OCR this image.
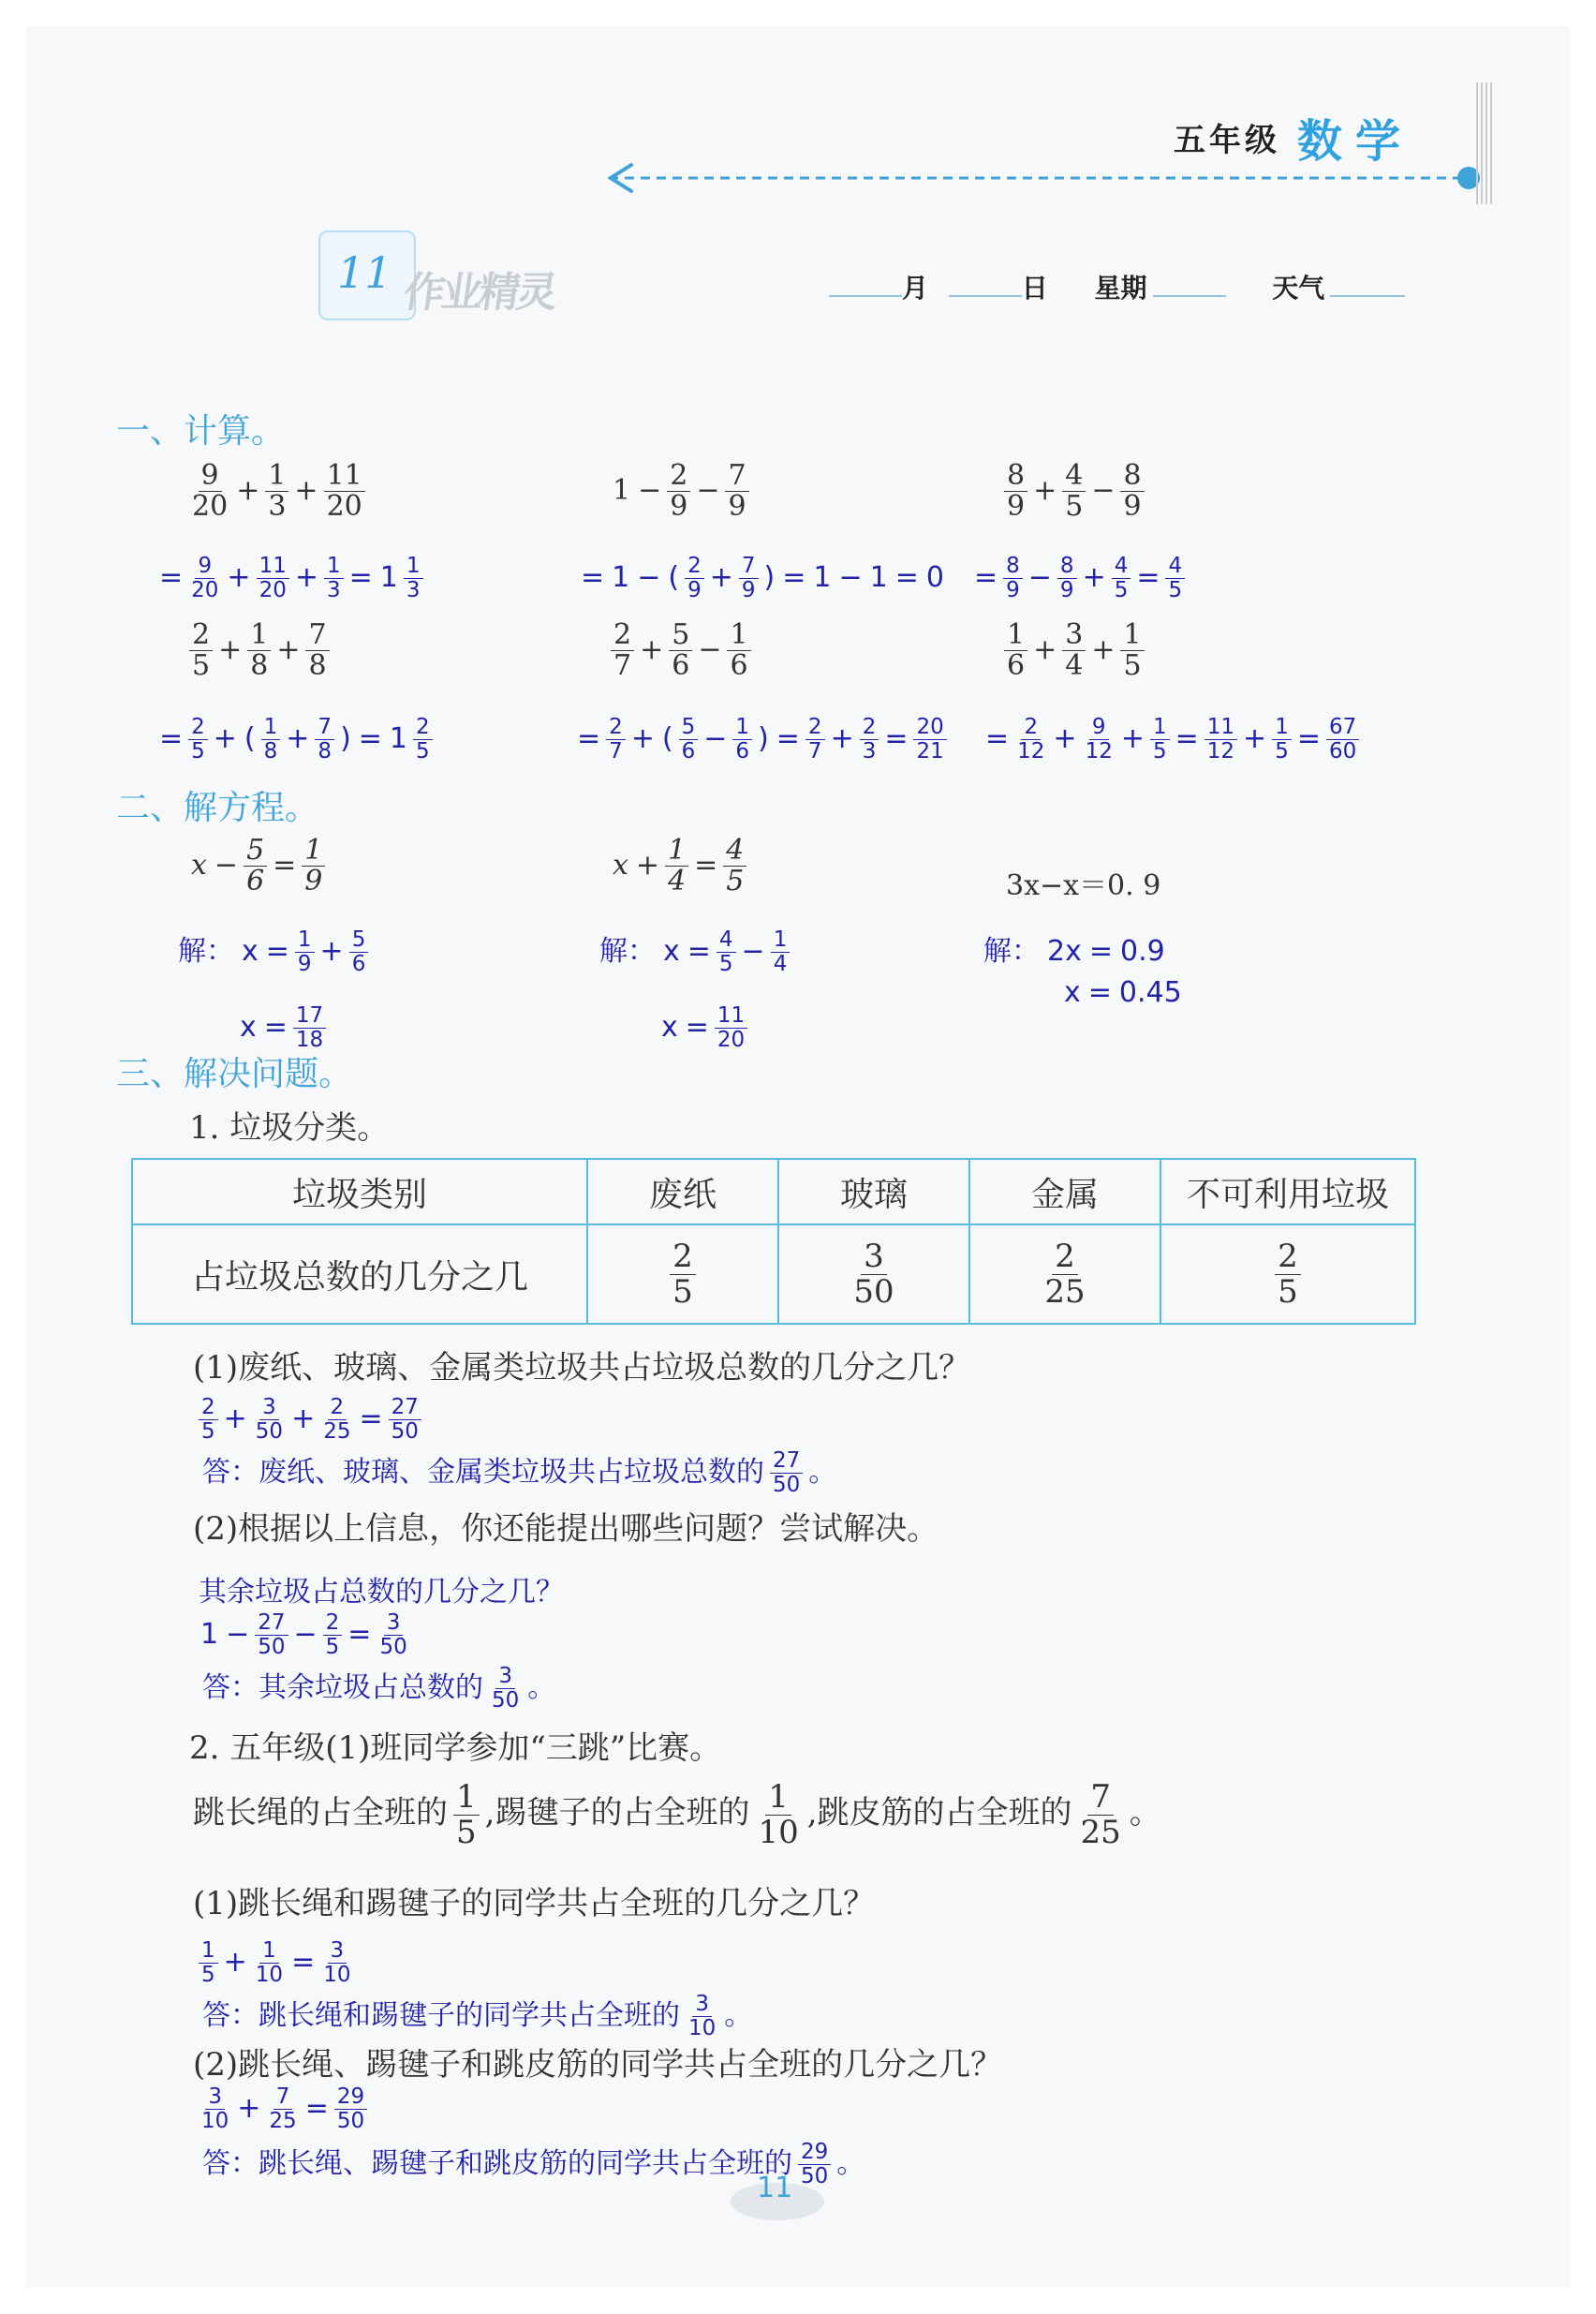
五年级 数学
11 作业精灵	月	日 星期	天气
一、计算。
$\frac{9}{20} + \frac{1}{3} + \frac{11}{20}$
= $\frac{9}{20} + \frac{11}{20} + \frac{1}{3} = 1 \frac{1}{3}$
$1 - \frac{2}{9} - \frac{7}{9}$
= 1 − ( $\frac{2}{9} + \frac{7}{9}$ ) = 1 − 1 = 0
$\frac{8}{9} + \frac{4}{5} - \frac{8}{9}$
= $\frac{8}{9} - \frac{8}{9} + \frac{4}{5} = \frac{4}{5}$
$\frac{2}{5} + \frac{1}{8} + \frac{7}{8}$
= $\frac{2}{5}$ + ( $\frac{1}{8} + \frac{7}{8}$ ) = $1 \frac{2}{5}$
$\frac{2}{7} + \frac{5}{6} - \frac{1}{6}$
= $\frac{2}{7}$ + ( $\frac{5}{6} - \frac{1}{6}$ ) = $\frac{2}{7} + \frac{2}{3} = \frac{20}{21}$
$\frac{1}{6} + \frac{3}{4} + \frac{1}{5}$
= $\frac{2}{12} + \frac{9}{12} + \frac{1}{5} = \frac{11}{12} + \frac{1}{5} = \frac{67}{60}$
二、解方程。
$x - \frac{5}{6} = \frac{1}{9}$
解： $x = \frac{1}{9} + \frac{5}{6}$
$x = \frac{17}{18}$
$x + \frac{1}{4} = \frac{4}{5}$
解： $x = \frac{4}{5} - \frac{1}{4}$
$x = \frac{11}{20}$
3x−x＝0. 9
解： 2x = 0.9
x = 0.45
三、解决问题。
1. 垃圾分类。
垃圾类别	废纸	玻璃	金属	不可利用垃圾
占垃圾总数的几分之几	$\frac{2}{5}$	$\frac{3}{50}$	$\frac{2}{25}$	$\frac{2}{5}$
(1)废纸、玻璃、金属类垃圾共占垃圾总数的几分之几？
$\frac{2}{5} + \frac{3}{50} + \frac{2}{25} = \frac{27}{50}$
答：废纸、玻璃、金属类垃圾共占垃圾总数的 $\frac{27}{50}$ 。
(2)根据以上信息，你还能提出哪些问题？尝试解决。
其余垃圾占总数的几分之几？
$1 - \frac{27}{50} - \frac{2}{5} = \frac{3}{50}$
答：其余垃圾占总数的 $\frac{3}{50}$ 。
2. 五年级(1)班同学参加“三跳”比赛。
跳长绳的占全班的 $\frac{1}{5}$ ,踢毽子的占全班的 $\frac{1}{10}$ ,跳皮筋的占全班的 $\frac{7}{25}$ 。
(1)跳长绳和踢毽子的同学共占全班的几分之几？
$\frac{1}{5} + \frac{1}{10} = \frac{3}{10}$
答：跳长绳和踢毽子的同学共占全班的 $\frac{3}{10}$ 。
(2)跳长绳、踢毽子和跳皮筋的同学共占全班的几分之几？
$\frac{3}{10} + \frac{7}{25} = \frac{29}{50}$
答：跳长绳、踢毽子和跳皮筋的同学共占全班的 $\frac{29}{50}$ 。
11
